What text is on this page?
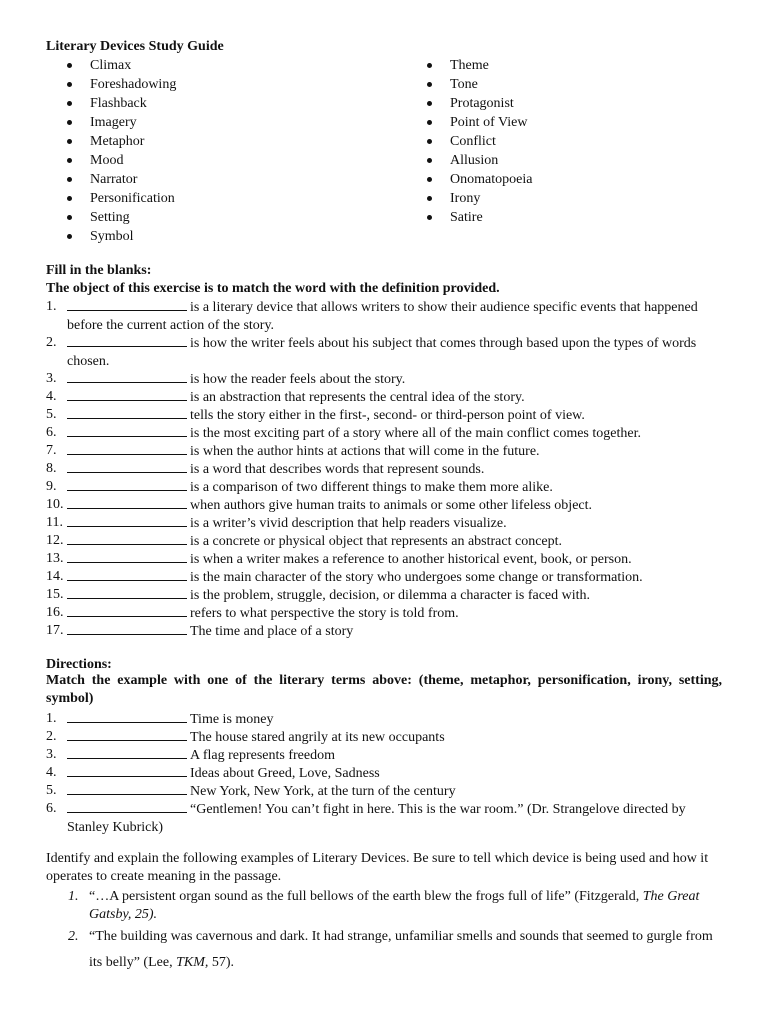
Literary Devices Study Guide
Climax
Foreshadowing
Flashback
Imagery
Metaphor
Mood
Narrator
Personification
Setting
Symbol
Theme
Tone
Protagonist
Point of View
Conflict
Allusion
Onomatopoeia
Irony
Satire
Fill in the blanks:
The object of this exercise is to match the word with the definition provided.
1.	is a literary device that allows writers to show their audience specific events that happened before the current action of the story.
2.	is how the writer feels about his subject that comes through based upon the types of words chosen.
3.	is how the reader feels about the story.
4.	is an abstraction that represents the central idea of the story.
5.	tells the story either in the first-, second- or third-person point of view.
6.	is the most exciting part of a story where all of the main conflict comes together.
7.	is when the author hints at actions that will come in the future.
8.	is a word that describes words that represent sounds.
9.	is a comparison of two different things to make them more alike.
10.	when authors give human traits to animals or some other lifeless object.
11.	is a writer’s vivid description that help readers visualize.
12.	is a concrete or physical object that represents an abstract concept.
13.	is when a writer makes a reference to another historical event, book, or person.
14.	is the main character of the story who undergoes some change or transformation.
15.	is the problem, struggle, decision, or dilemma a character is faced with.
16.	refers to what perspective the story is told from.
17.	The time and place of a story
Directions:
Match the example with one of the literary terms above: (theme, metaphor, personification, irony, setting, symbol)
1.	Time is money
2.	The house stared angrily at its new occupants
3.	A flag represents freedom
4.	Ideas about Greed, Love, Sadness
5.	New York, New York, at the turn of the century
6.	“Gentlemen! You can’t fight in here. This is the war room.” (Dr. Strangelove directed by Stanley Kubrick)
Identify and explain the following examples of Literary Devices. Be sure to tell which device is being used and how it operates to create meaning in the passage.
1. “…A persistent organ sound as the full bellows of the earth blew the frogs full of life” (Fitzgerald, The Great Gatsby, 25).
2. “The building was cavernous and dark. It had strange, unfamiliar smells and sounds that seemed to gurgle from its belly” (Lee, TKM, 57).
